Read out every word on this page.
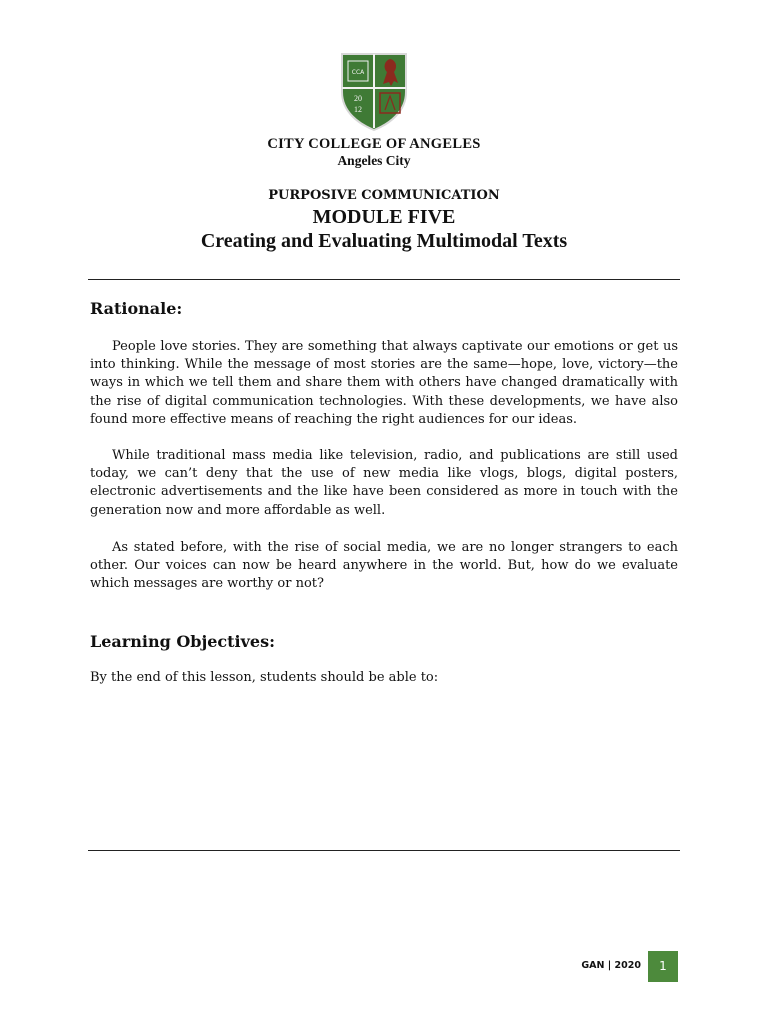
CCA
20
12
CITY COLLEGE OF ANGELES
Angeles City
PURPOSIVE COMMUNICATION
MODULE FIVE
Creating and Evaluating Multimodal Texts
Rationale:

People love stories. They are something that always captivate our emotions or get us into thinking. While the message of most stories are the same—hope, love, victory—the ways in which we tell them and share them with others have changed dramatically with the rise of digital communication technologies. With these developments, we have also found more effective means of reaching the right audiences for our ideas.

While traditional mass media like television, radio, and publications are still used today, we can’t deny that the use of new media like vlogs, blogs, digital posters, electronic advertisements and the like have been considered as more in touch with the generation now and more affordable as well.

As stated before, with the rise of social media, we are no longer strangers to each other. Our voices can now be heard anywhere in the world. But, how do we evaluate which messages are worthy or not?

Learning Objectives:

By the end of this lesson, students should be able to:

GAN | 2020	1
